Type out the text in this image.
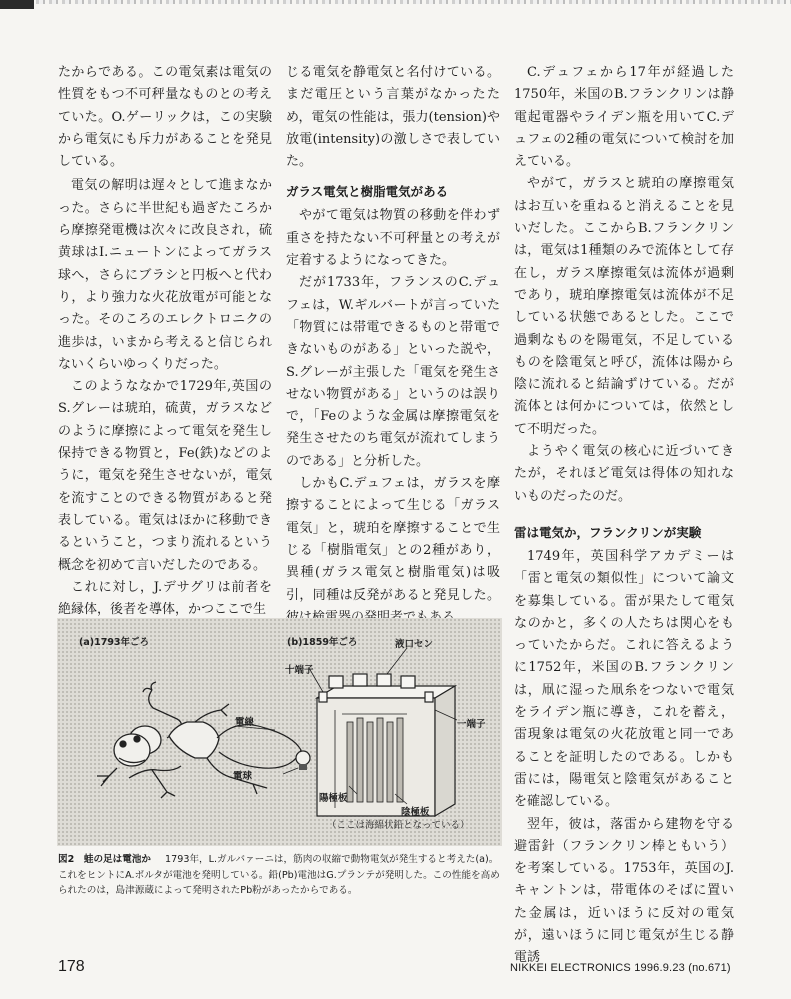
たからである。この電気素は電気の性質をもつ不可秤量なものとの考えていた。O.ゲーリックは，この実験から電気にも斥力があることを発見している。

電気の解明は遅々として進まなかった。さらに半世紀も過ぎたころから摩擦発電機は次々に改良され，硫黄球はI.ニュートンによってガラス球へ，さらにブラシと円板へと代わり，より強力な火花放電が可能となった。そのころのエレクトロニクの進歩は，いまから考えると信じられないくらいゆっくりだった。

このようななかで1729年,英国のS.グレーは琥珀，硫黄，ガラスなどのように摩擦によって電気を発生し保持できる物質と，Fe(鉄)などのように，電気を発生させないが，電気を流すことのできる物質があると発表している。電気はほかに移動できるということ，つまり流れるという概念を初めて言いだしたのである。

これに対し，J.デサグリは前者を絶縁体，後者を導体，かつここで生

じる電気を静電気と名付けている。まだ電圧という言葉がなかったため，電気の性能は，張力(tension)や放電(intensity)の激しさで表していた。

ガラス電気と樹脂電気がある

やがて電気は物質の移動を伴わず重さを持たない不可秤量との考えが定着するようになってきた。

だが1733年，フランスのC.デュフェは，W.ギルバートが言っていた「物質には帯電できるものと帯電できないものがある」といった説や，S.グレーが主張した「電気を発生させない物質がある」というのは誤りで，「Feのような金属は摩擦電気を発生させたのち電気が流れてしまうのである」と分析した。

しかもC.デュフェは，ガラスを摩擦することによって生じる「ガラス電気」と，琥珀を摩擦することで生じる「樹脂電気」との2種があり，異種(ガラス電気と樹脂電気)は吸引，同種は反発があると発見した。

C.デュフェから17年が経過した1750年，米国のB.フランクリンは静電起電器やライデン瓶を用いてC.デュフェの2種の電気について検討を加えている。

やがて，ガラスと琥珀の摩擦電気はお互いを重ねると消えることを見いだした。ここからB.フランクリンは，電気は1種類のみで流体として存在し，ガラス摩擦電気は流体が過剰であり，琥珀摩擦電気は流体が不足している状態であるとした。ここで過剰なものを陽電気，不足しているものを陰電気と呼び，流体は陽から陰に流れると結論ずけている。だが流体とは何かについては，依然として不明だった。

ようやく電気の核心に近づいてきたが，それほど電気は得体の知れないものだったのだ。

雷は電気か，フランクリンが実験

1749年，英国科学アカデミーは「雷と電気の類似性」について論文を募集している。雷が果たして電気なのかと，多くの人たちは関心をもっていたからだ。これに答えるように1752年，米国のB.フランクリンは，凧に湿った凧糸をつないで電気をライデン瓶に導き，これを蓄え，雷現象は電気の火花放電と同一であることを証明したのである。しかも雷には，陽電気と陰電気があることを確認している。

翌年，彼は，落雷から建物を守る避雷針（フランクリン棒ともいう）を考案している。1753年，英国のJ.キャントンは，帯電体のそばに置いた金属は，近いほうに反対の電気が，遠いほうに同じ電気が生じる静電誘

(a)1793年ごろ	(b)1859年ごろ
電線
電球
十端子
液口セン
一端子
陽極板
陰極板
（ここは海綿状鉛となっている）
図2　蛙の足は電池か 1793年，L.ガルバァーニは，筋肉の収縮で動物電気が発生すると考えた(a)。これをヒントにA.ボルタが電池を発明している。鉛(Pb)電池はG.プランテが発明した。この性能を高められたのは，島津源蔵によって発明されたPb粉があったからである。
178	NIKKEI ELECTRONICS 1996.9.23 (no.671)
